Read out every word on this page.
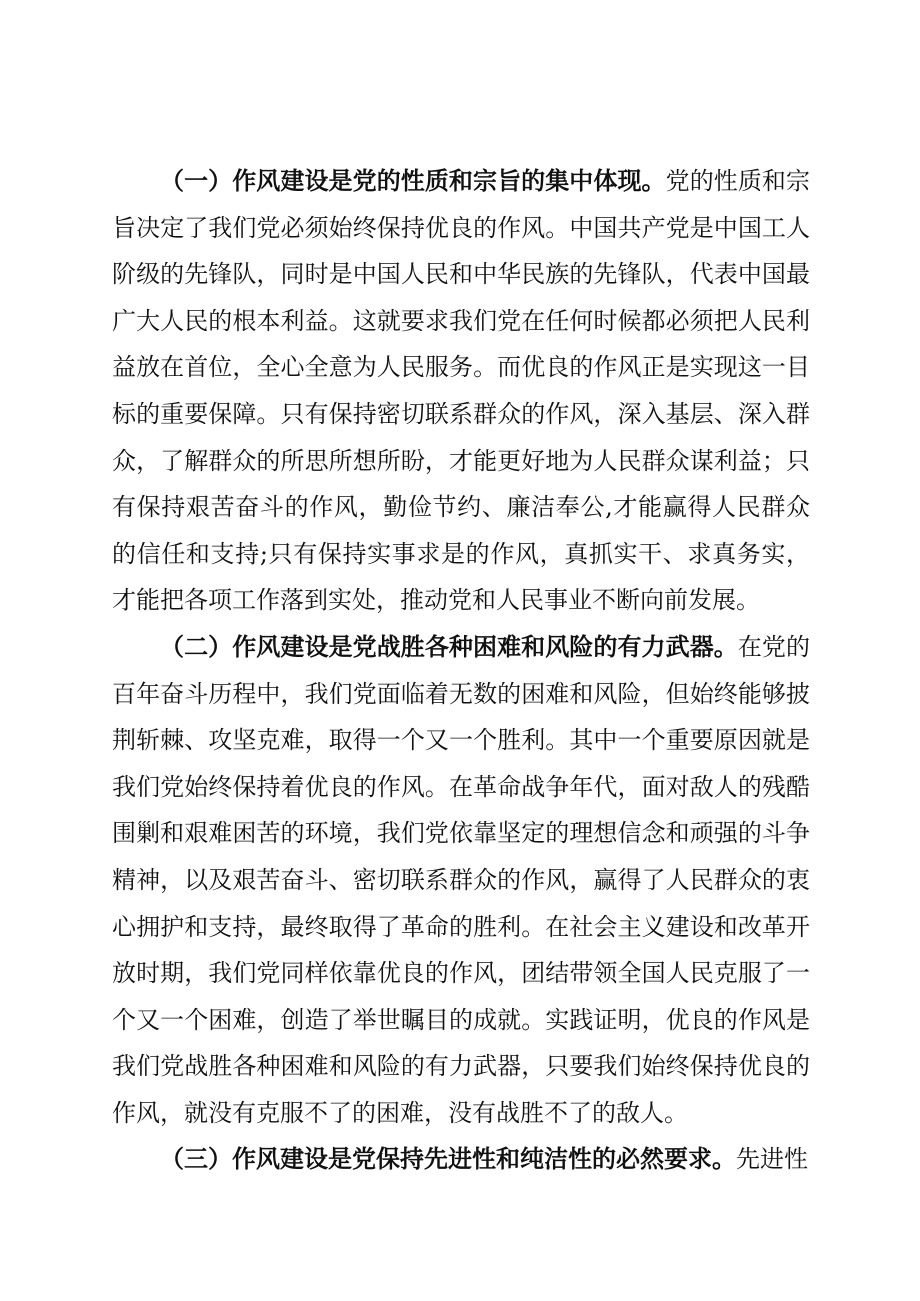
（一）作风建设是党的性质和宗旨的集中体现。党的性质和宗旨决定了我们党必须始终保持优良的作风。中国共产党是中国工人阶级的先锋队，同时是中国人民和中华民族的先锋队，代表中国最广大人民的根本利益。这就要求我们党在任何时候都必须把人民利益放在首位，全心全意为人民服务。而优良的作风正是实现这一目标的重要保障。只有保持密切联系群众的作风，深入基层、深入群众，了解群众的所思所想所盼，才能更好地为人民群众谋利益；只有保持艰苦奋斗的作风，勤俭节约、廉洁奉公,才能赢得人民群众的信任和支持;只有保持实事求是的作风，真抓实干、求真务实，才能把各项工作落到实处，推动党和人民事业不断向前发展。

（二）作风建设是党战胜各种困难和风险的有力武器。在党的百年奋斗历程中，我们党面临着无数的困难和风险，但始终能够披荆斩棘、攻坚克难，取得一个又一个胜利。其中一个重要原因就是我们党始终保持着优良的作风。在革命战争年代，面对敌人的残酷围剿和艰难困苦的环境，我们党依靠坚定的理想信念和顽强的斗争精神，以及艰苦奋斗、密切联系群众的作风，赢得了人民群众的衷心拥护和支持，最终取得了革命的胜利。在社会主义建设和改革开放时期，我们党同样依靠优良的作风，团结带领全国人民克服了一个又一个困难，创造了举世瞩目的成就。实践证明，优良的作风是我们党战胜各种困难和风险的有力武器，只要我们始终保持优良的作风，就没有克服不了的困难，没有战胜不了的敌人。

（三）作风建设是党保持先进性和纯洁性的必然要求。先进性
